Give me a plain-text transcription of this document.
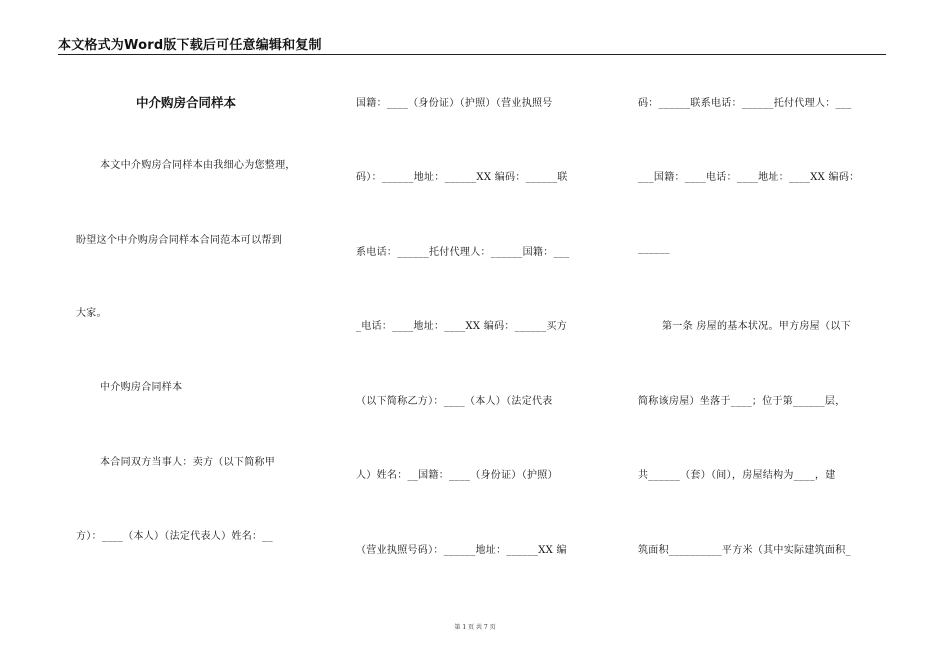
本文格式为Word版下载后可任意编辑和复制
中介购房合同样本
本文中介购房合同样本由我细心为您整理，
盼望这个中介购房合同样本合同范本可以帮到
大家。
中介购房合同样本
本合同双方当事人：卖方（以下简称甲
方）：____（本人）（法定代表人）姓名：__
国籍：____（身份证）（护照）（营业执照号
码）：______地址：______XX 编码：______联
系电话：______托付代理人：______国籍：___
_电话：____地址：____XX 编码：______买方
（以下简称乙方）：____（本人）（法定代表
人）姓名：__国籍：____（身份证）（护照）
（营业执照号码）：______地址：______XX 编
码：______联系电话：______托付代理人：___
___国籍：____电话：____地址：____XX 编码：
______
第一条 房屋的基本状况。甲方房屋（以下
简称该房屋）坐落于____；位于第______层，
共______（套）（间），房屋结构为____，建
筑面积__________平方米（其中实际建筑面积_
第 1 页 共 7 页
